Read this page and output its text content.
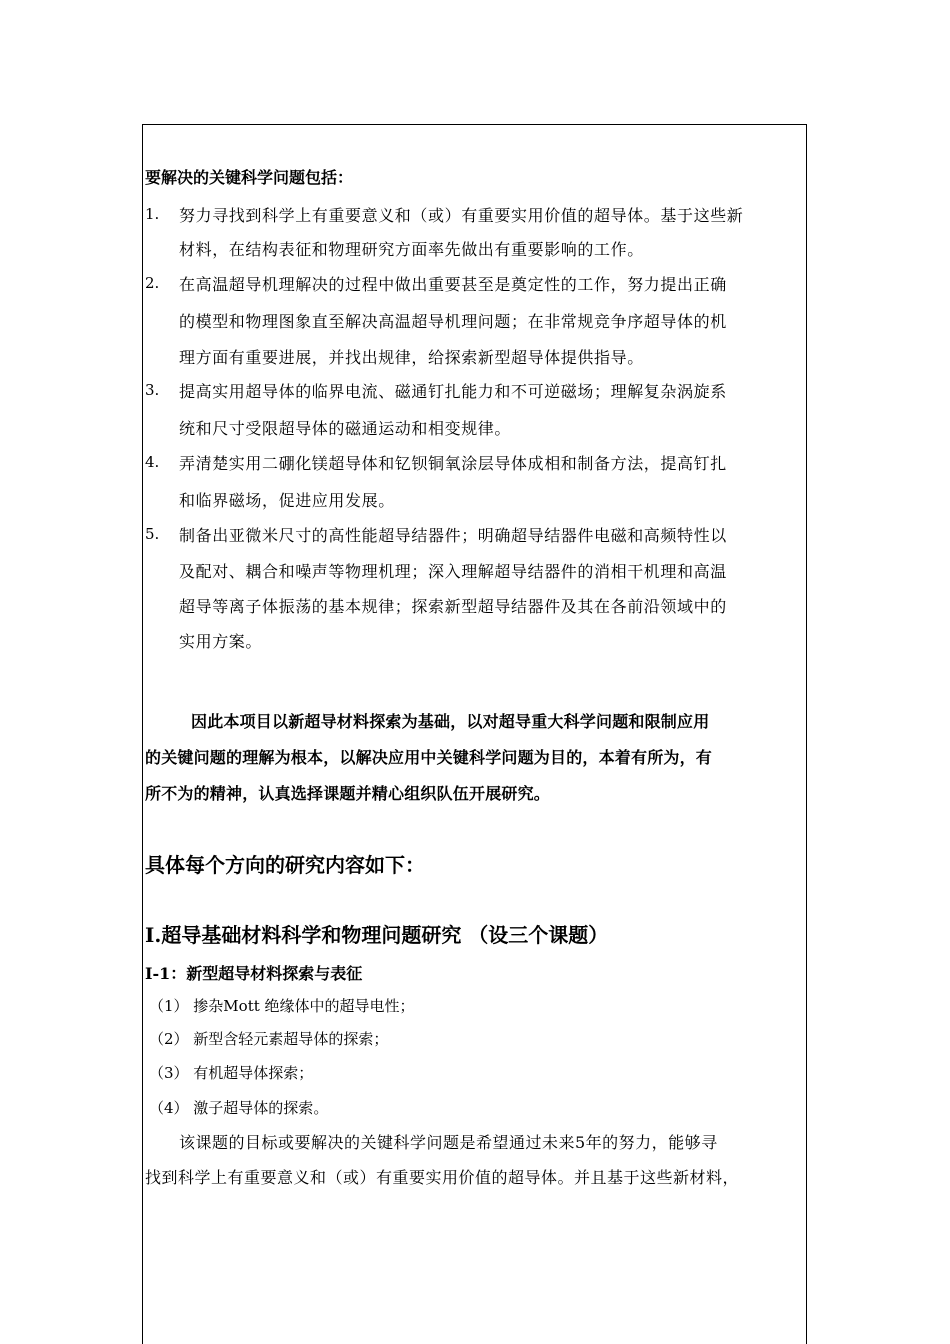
要解决的关键科学问题包括：
1. 努力寻找到科学上有重要意义和（或）有重要实用价值的超导体。基于这些新
材料，在结构表征和物理研究方面率先做出有重要影响的工作。
2. 在高温超导机理解决的过程中做出重要甚至是奠定性的工作，努力提出正确
的模型和物理图象直至解决高温超导机理问题；在非常规竞争序超导体的机
理方面有重要进展，并找出规律，给探索新型超导体提供指导。
3. 提高实用超导体的临界电流、磁通钉扎能力和不可逆磁场；理解复杂涡旋系
统和尺寸受限超导体的磁通运动和相变规律。
4. 弄清楚实用二硼化镁超导体和钇钡铜氧涂层导体成相和制备方法，提高钉扎
和临界磁场，促进应用发展。
5. 制备出亚微米尺寸的高性能超导结器件；明确超导结器件电磁和高频特性以
及配对、耦合和噪声等物理机理；深入理解超导结器件的消相干机理和高温
超导等离子体振荡的基本规律；探索新型超导结器件及其在各前沿领域中的
实用方案。
因此本项目以新超导材料探索为基础，以对超导重大科学问题和限制应用
的关键问题的理解为根本，以解决应用中关键科学问题为目的，本着有所为，有
所不为的精神，认真选择课题并精心组织队伍开展研究。
具体每个方向的研究内容如下：
I.超导基础材料科学和物理问题研究 （设三个课题）
I-1：新型超导材料探索与表征
（1） 掺杂Mott 绝缘体中的超导电性；
（2） 新型含轻元素超导体的探索；
（3） 有机超导体探索；
（4） 激子超导体的探索。
该课题的目标或要解决的关键科学问题是希望通过未来5年的努力，能够寻
找到科学上有重要意义和（或）有重要实用价值的超导体。并且基于这些新材料，
